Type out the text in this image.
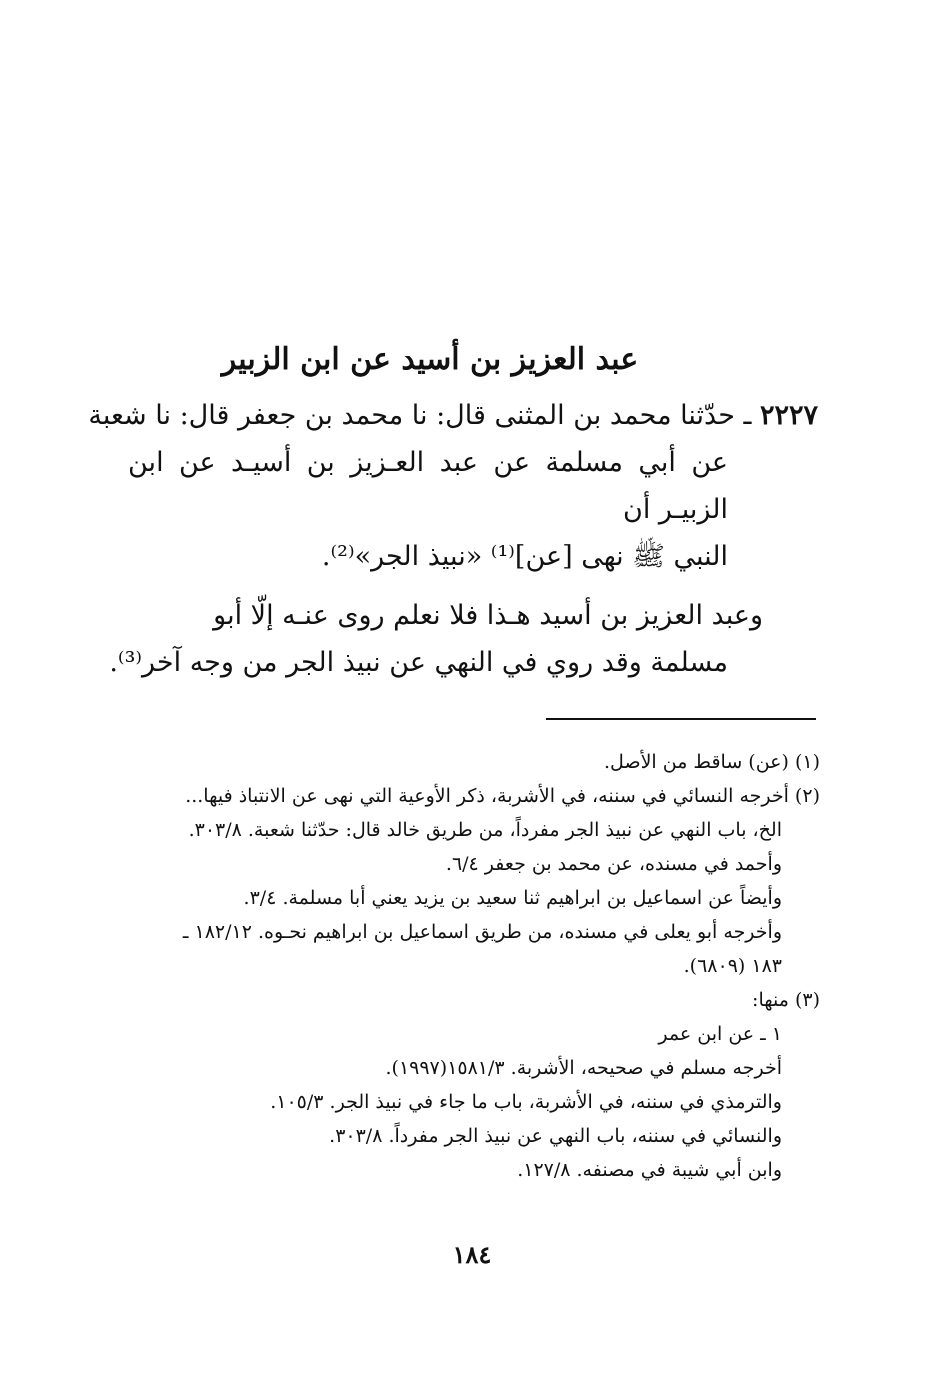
عبد العزيز بن أسيد عن ابن الزبير

٢٢٢٧ ـ حدّثنا محمد بن المثنى قال: نا محمد بن جعفر قال: نا شعبة

عن أبي مسلمة عن عبد العـزيز بن أسيـد عن ابن الزبيـر أن

النبي ﷺ نهى [عن]⁽¹⁾ «نبيذ الجر»⁽²⁾.

وعبد العزيز بن أسيد هـذا فلا نعلم روى عنـه إلّا أبو
مسلمة وقد روي في النهي عن نبيذ الجر من وجه آخر⁽³⁾.

(١) (عن) ساقط من الأصل.
(٢) أخرجه النسائي في سننه، في الأشربة، ذكر الأوعية التي نهى عن الانتباذ فيها...
الخ، باب النهي عن نبيذ الجر مفرداً، من طريق خالد قال: حدّثنا شعبة. ٣٠٣/٨.
وأحمد في مسنده، عن محمد بن جعفر ٦/٤.
وأيضاً عن اسماعيل بن ابراهيم ثنا سعيد بن يزيد يعني أبا مسلمة. ٣/٤.
وأخرجه أبو يعلى في مسنده، من طريق اسماعيل بن ابراهيم نحـوه. ١٨٢/١٢ ـ
١٨٣ (٦٨٠٩).
(٣) منها:
١ ـ عن ابن عمر
أخرجه مسلم في صحيحه، الأشربة. ١٥٨١/٣(١٩٩٧).
والترمذي في سننه، في الأشربة، باب ما جاء في نبيذ الجر. ١٠٥/٣.
والنسائي في سننه، باب النهي عن نبيذ الجر مفرداً. ٣٠٣/٨.
وابن أبي شيبة في مصنفه. ١٢٧/٨.
١٨٤
